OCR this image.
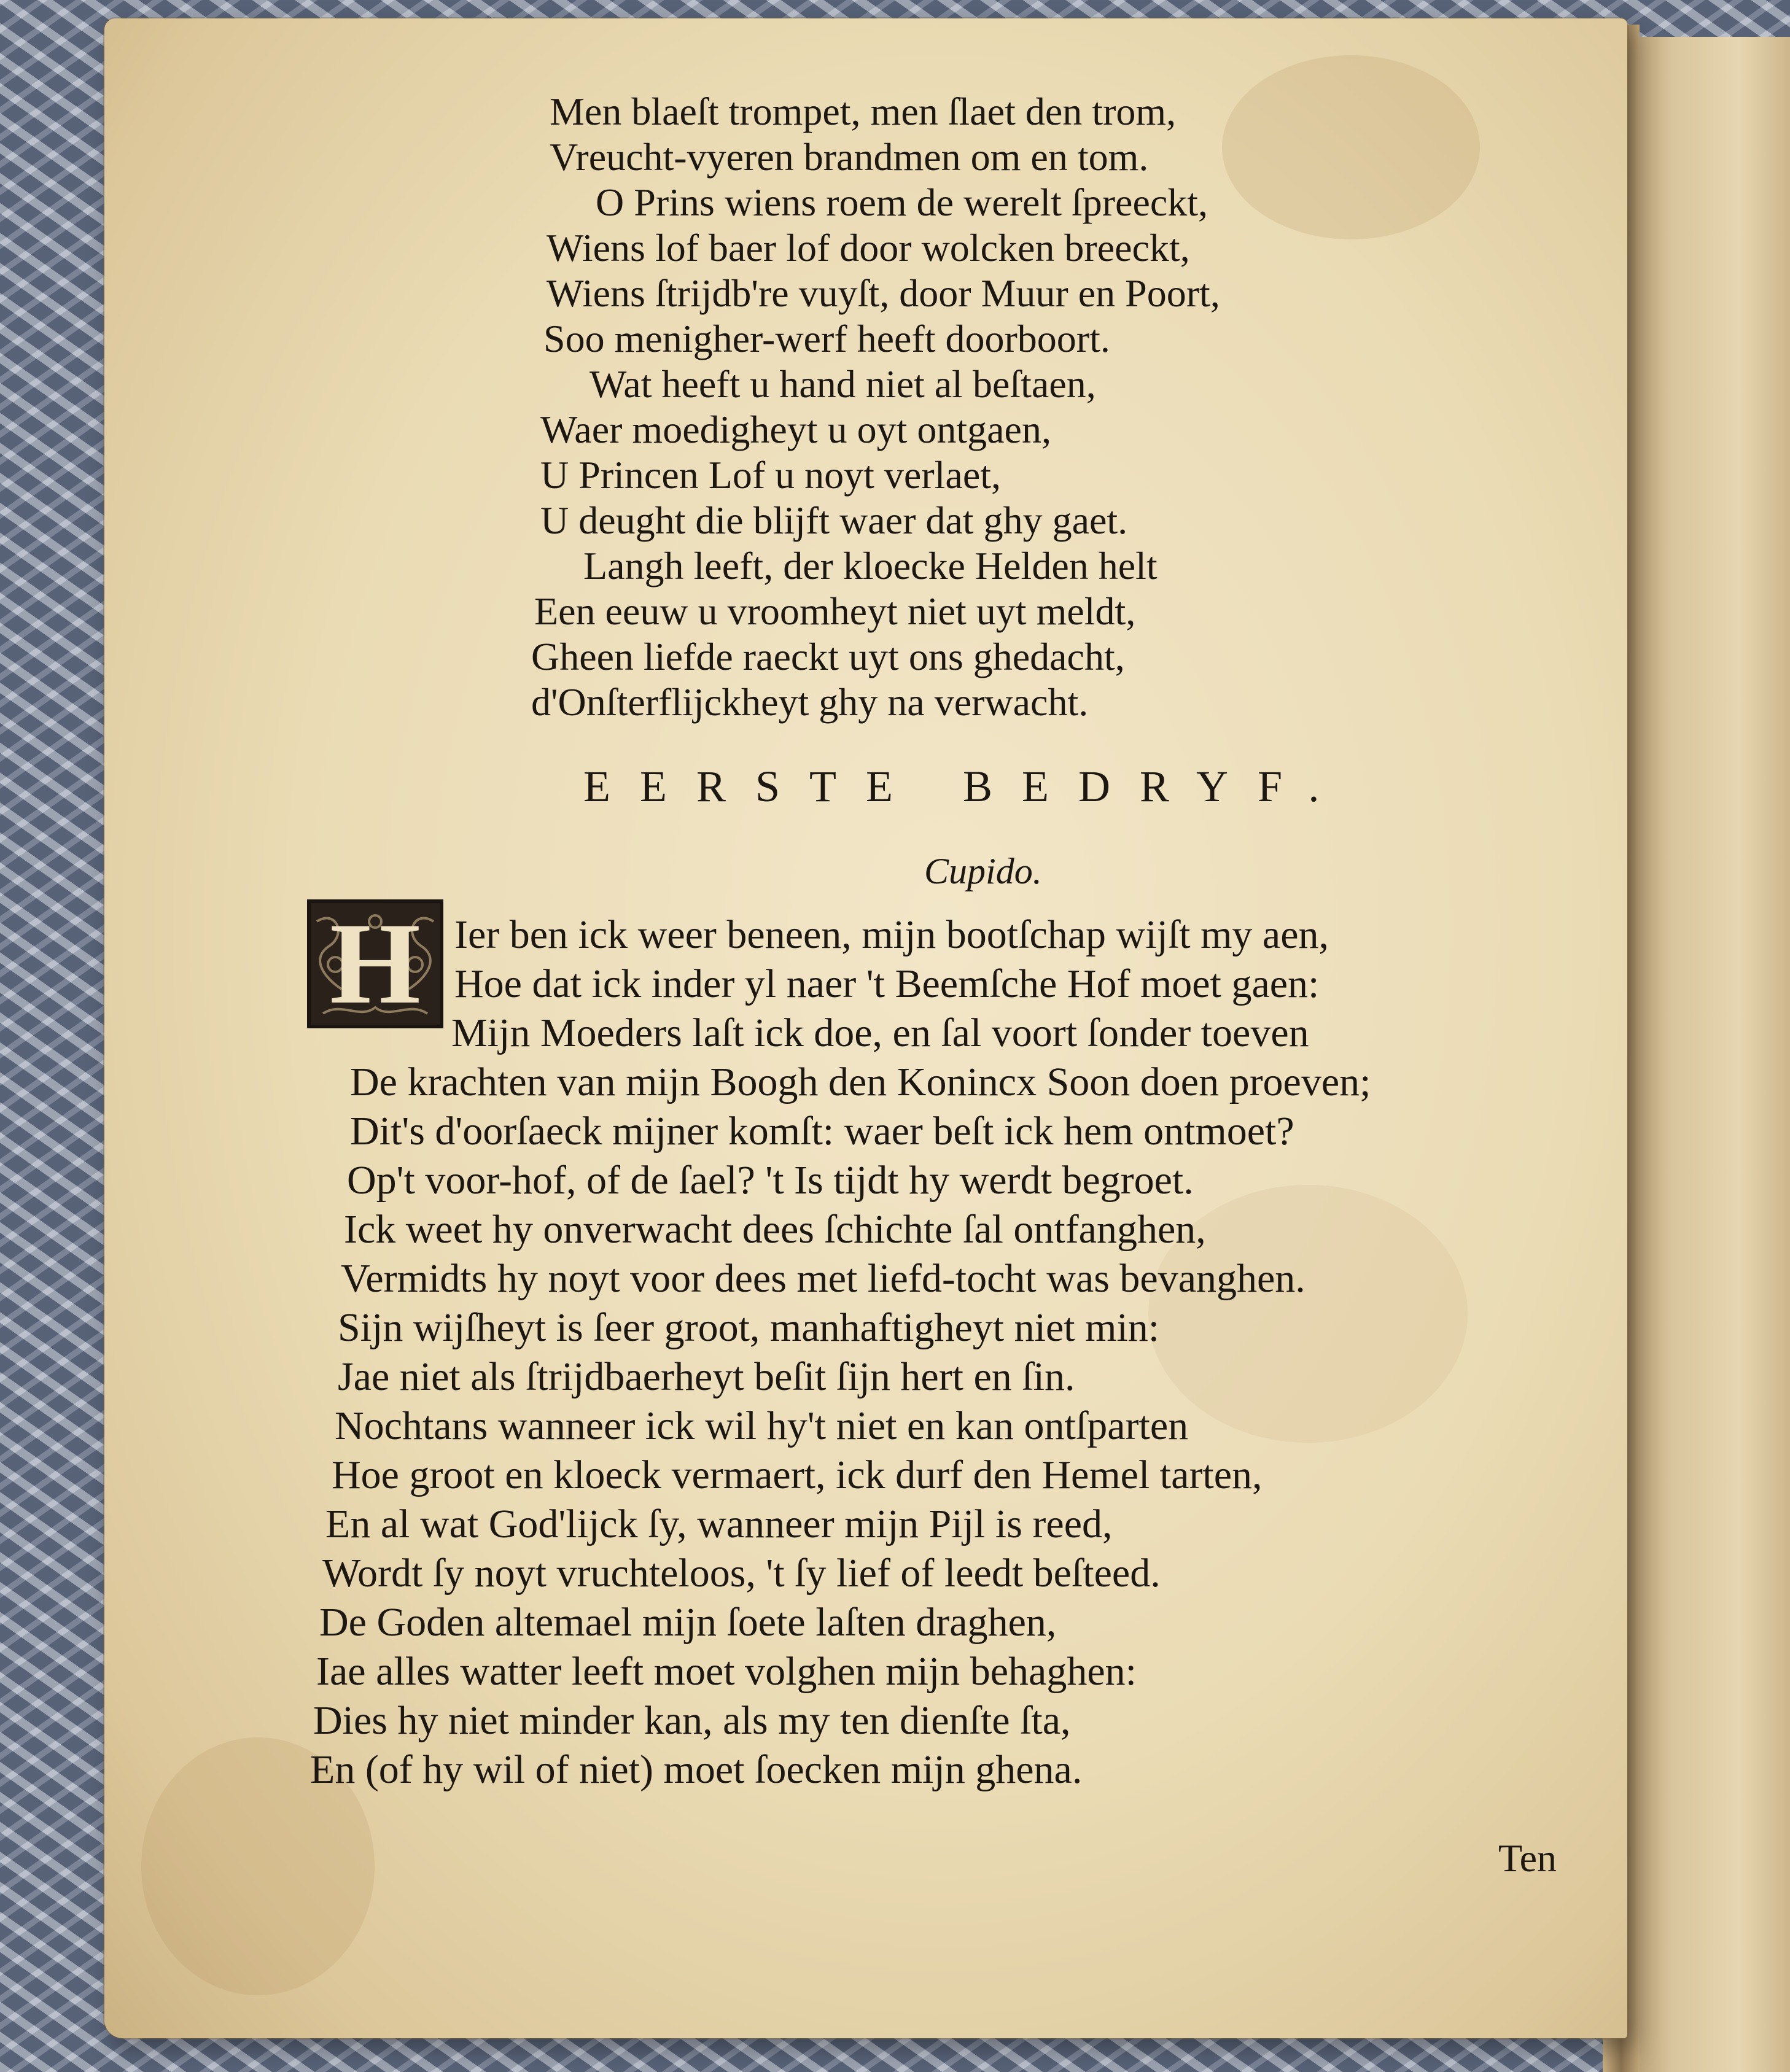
Men blaeſt trompet, men ſlaet den trom,
Vreucht-vyeren brandmen om en tom.
O Prins wiens roem de werelt ſpreeckt,
Wiens lof baer lof door wolcken breeckt,
Wiens ſtrijdb're vuyſt, door Muur en Poort,
Soo menigher-werf heeft doorboort.
Wat heeft u hand niet al beſtaen,
Waer moedigheyt u oyt ontgaen,
U Princen Lof u noyt verlaet,
U deught die blijft waer dat ghy gaet.
Langh leeft, der kloecke Helden helt
Een eeuw u vroomheyt niet uyt meldt,
Gheen liefde raeckt uyt ons ghedacht,
d'Onſterflijckheyt ghy na verwacht.
EERSTE BEDRYF.
Cupido.
H Ier ben ick weer beneen, mijn bootſchap wijſt my aen,
Hoe dat ick inder yl naer 't Beemſche Hof moet gaen:
Mijn Moeders laſt ick doe, en ſal voort ſonder toeven
De krachten van mijn Boogh den Konincx Soon doen proeven;
Dit's d'oorſaeck mijner komſt: waer beſt ick hem ontmoet?
Op't voor-hof, of de ſael? 't Is tijdt hy werdt begroet.
Ick weet hy onverwacht dees ſchichte ſal ontfanghen,
Vermidts hy noyt voor dees met liefd-tocht was bevanghen.
Sijn wijſheyt is ſeer groot, manhaftigheyt niet min:
Jae niet als ſtrijdbaerheyt beſit ſijn hert en ſin.
Nochtans wanneer ick wil hy't niet en kan ontſparten
Hoe groot en kloeck vermaert, ick durf den Hemel tarten,
En al wat God'lijck ſy, wanneer mijn Pijl is reed,
Wordt ſy noyt vruchteloos, 't ſy lief of leedt beſteed.
De Goden altemael mijn ſoete laſten draghen,
Iae alles watter leeft moet volghen mijn behaghen:
Dies hy niet minder kan, als my ten dienſte ſta,
En (of hy wil of niet) moet ſoecken mijn ghena.
Ten
